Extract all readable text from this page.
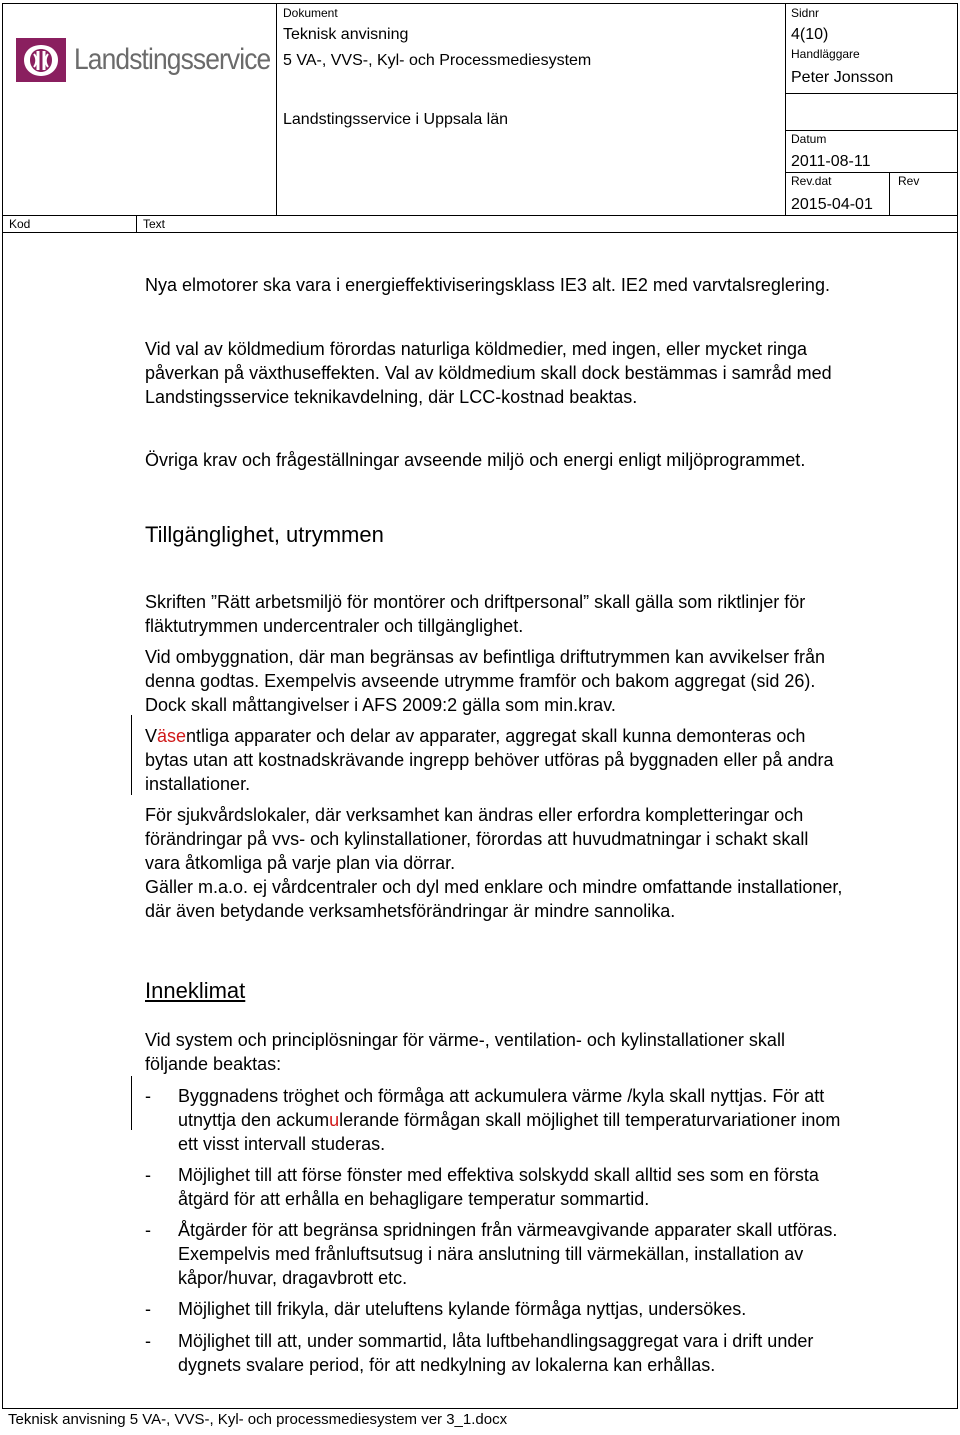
Landstingsservice
Dokument
Teknisk anvisning
5 VA-, VVS-, Kyl- och Processmediesystem
Landstingsservice i Uppsala län
Sidnr
4(10)
Handläggare
Peter Jonsson
Datum
2011-08-11
Rev.dat
2015-04-01
Rev
Kod	Text
Nya elmotorer ska vara i energieffektiviseringsklass IE3 alt. IE2 med varvtalsreglering.
Vid val av köldmedium förordas naturliga köldmedier, med ingen, eller mycket ringa
påverkan på växthuseffekten. Val av köldmedium skall dock bestämmas i samråd med
Landstingsservice teknikavdelning, där LCC-kostnad beaktas.
Övriga krav och frågeställningar avseende miljö och energi enligt miljöprogrammet.
Tillgänglighet, utrymmen
Skriften ”Rätt arbetsmiljö för montörer och driftpersonal” skall gälla som riktlinjer för
fläktutrymmen undercentraler och tillgänglighet.
Vid ombyggnation, där man begränsas av befintliga driftutrymmen kan avvikelser från
denna godtas. Exempelvis avseende utrymme framför och bakom aggregat (sid 26).
Dock skall måttangivelser i AFS 2009:2 gälla som min.krav.
Väsentliga apparater och delar av apparater, aggregat skall kunna demonteras och
bytas utan att kostnadskrävande ingrepp behöver utföras på byggnaden eller på andra
installationer.
För sjukvårdslokaler, där verksamhet kan ändras eller erfordra kompletteringar och
förändringar på vvs- och kylinstallationer, förordas att huvudmatningar i schakt skall
vara åtkomliga på varje plan via dörrar.
Gäller m.a.o. ej vårdcentraler och dyl med enklare och mindre omfattande installationer,
där även betydande verksamhetsförändringar är mindre sannolika.
Inneklimat
Vid system och principlösningar för värme-, ventilation- och kylinstallationer skall
följande beaktas:
- Byggnadens tröghet och förmåga att ackumulera värme /kyla skall nyttjas. För att
utnyttja den ackumulerande förmågan skall möjlighet till temperaturvariationer inom
ett visst intervall studeras.
- Möjlighet till att förse fönster med effektiva solskydd skall alltid ses som en första
åtgärd för att erhålla en behagligare temperatur sommartid.
- Åtgärder för att begränsa spridningen från värmeavgivande apparater skall utföras.
Exempelvis med frånluftsutsug i nära anslutning till värmekällan, installation av
kåpor/huvar, dragavbrott etc.
- Möjlighet till frikyla, där uteluftens kylande förmåga nyttjas, undersökes.
- Möjlighet till att, under sommartid, låta luftbehandlingsaggregat vara i drift under
dygnets svalare period, för att nedkylning av lokalerna kan erhållas.
Teknisk anvisning 5 VA-, VVS-, Kyl- och processmediesystem ver 3_1.docx
